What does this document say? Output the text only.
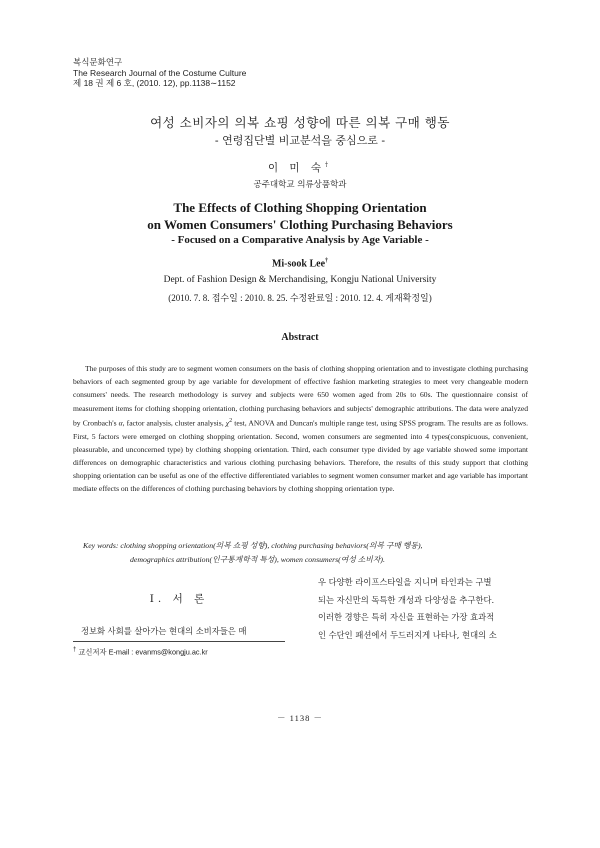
복식문화연구
The Research Journal of the Costume Culture
제 18 권 제 6 호, (2010. 12), pp.1138∼1152
여성 소비자의 의복 쇼핑 성향에 따른 의복 구매 행동
- 연령집단별 비교분석을 중심으로 -
이 미 숙†
공주대학교 의류상품학과
The Effects of Clothing Shopping Orientation
on Women Consumers' Clothing Purchasing Behaviors
- Focused on a Comparative Analysis by Age Variable -
Mi-sook Lee†
Dept. of Fashion Design & Merchandising, Kongju National University
(2010. 7. 8. 접수일 : 2010. 8. 25. 수정완료일 : 2010. 12. 4. 게재확정일)
Abstract
The purposes of this study are to segment women consumers on the basis of clothing shopping orientation and to investigate clothing purchasing behaviors of each segmented group by age variable for development of effective fashion marketing strategies to meet very changeable modern consumers' needs. The research methodology is survey and subjects were 650 women aged from 20s to 60s. The questionnaire consist of measurement items for clothing shopping orientation, clothing purchasing behaviors and subjects' demographic attributions. The data were analyzed by Cronbach's α, factor analysis, cluster analysis, $\chi^2$ test, ANOVA and Duncan's multiple range test, using SPSS program. The results are as follows. First, 5 factors were emerged on clothing shopping orientation. Second, women consumers are segmented into 4 types(conspicuous, convenient, pleasurable, and unconcerned type) by clothing shopping orientation. Third, each consumer type divided by age variable showed some important differences on demographic characteristics and various clothing purchasing behaviors. Therefore, the results of this study support that clothing shopping orientation can be useful as one of the effective differentiated variables to segment women consumer market and age variable has important mediate effects on the differences of clothing purchasing behaviors by clothing shopping orientation type.
Key words: clothing shopping orientation(의복 쇼핑 성향), clothing purchasing behaviors(의복 구매 행동),
demographics attribution(인구통계학적 특성), women consumers(여성 소비자).
Ⅰ. 서 론
정보화 사회를 살아가는 현대의 소비자들은 매
우 다양한 라이프스타일을 지니며 타인과는 구별
되는 자신만의 독특한 개성과 다양성을 추구한다.
이러한 경향은 특히 자신을 표현하는 가장 효과적
인 수단인 패션에서 두드러지게 나타나, 현대의 소
† 교신저자 E-mail : evanms@kongju.ac.kr
－ 1138 －
